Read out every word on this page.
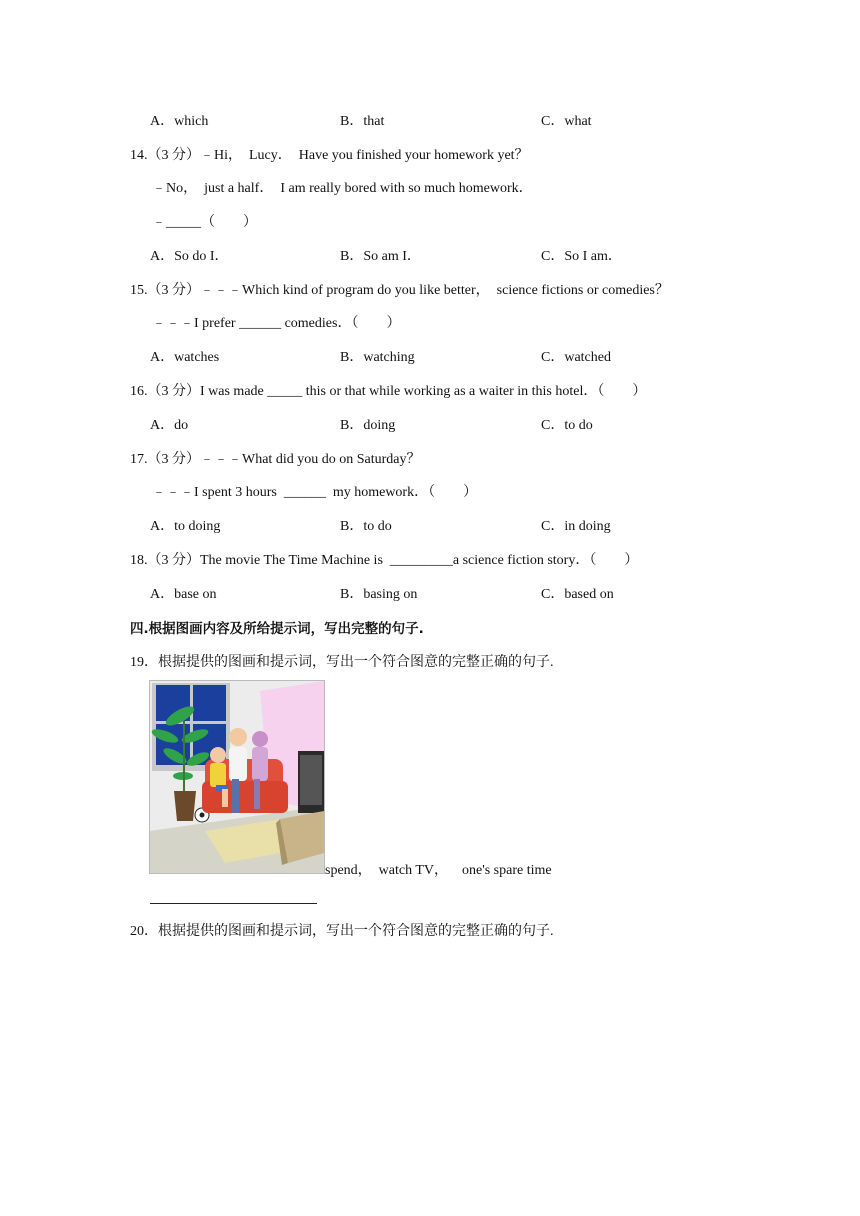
A．which	B．that	C．what
14.（3 分）﹣Hi，  Lucy．  Have you finished your homework yet？
﹣No，  just a half．  I am really bored with so much homework．
﹣_____（　　）
A．So do I．	B．So am I．	C．So I am．
15.（3 分）﹣﹣﹣Which kind of program do you like better，  science fictions or comedies？
﹣﹣﹣I prefer ______ comedies．（　　）
A．watches	B．watching	C．watched
16.（3 分）I was made _____ this or that while working as a waiter in this hotel．（　　）
A．do	B．doing	C．to do
17.（3 分）﹣﹣﹣What did you do on Saturday？
﹣﹣﹣I spent 3 hours  ______  my homework．（　　）
A．to doing	B．to do	C．in doing
18.（3 分）The movie The Time Machine is  _________a science fiction story．（　　）
A．base on	B．basing on	C．based on
四.根据图画内容及所给提示词，写出完整的句子.
19．根据提供的图画和提示词，写出一个符合图意的完整正确的句子.
spend，  watch TV，    one's spare time
20．根据提供的图画和提示词，写出一个符合图意的完整正确的句子.
